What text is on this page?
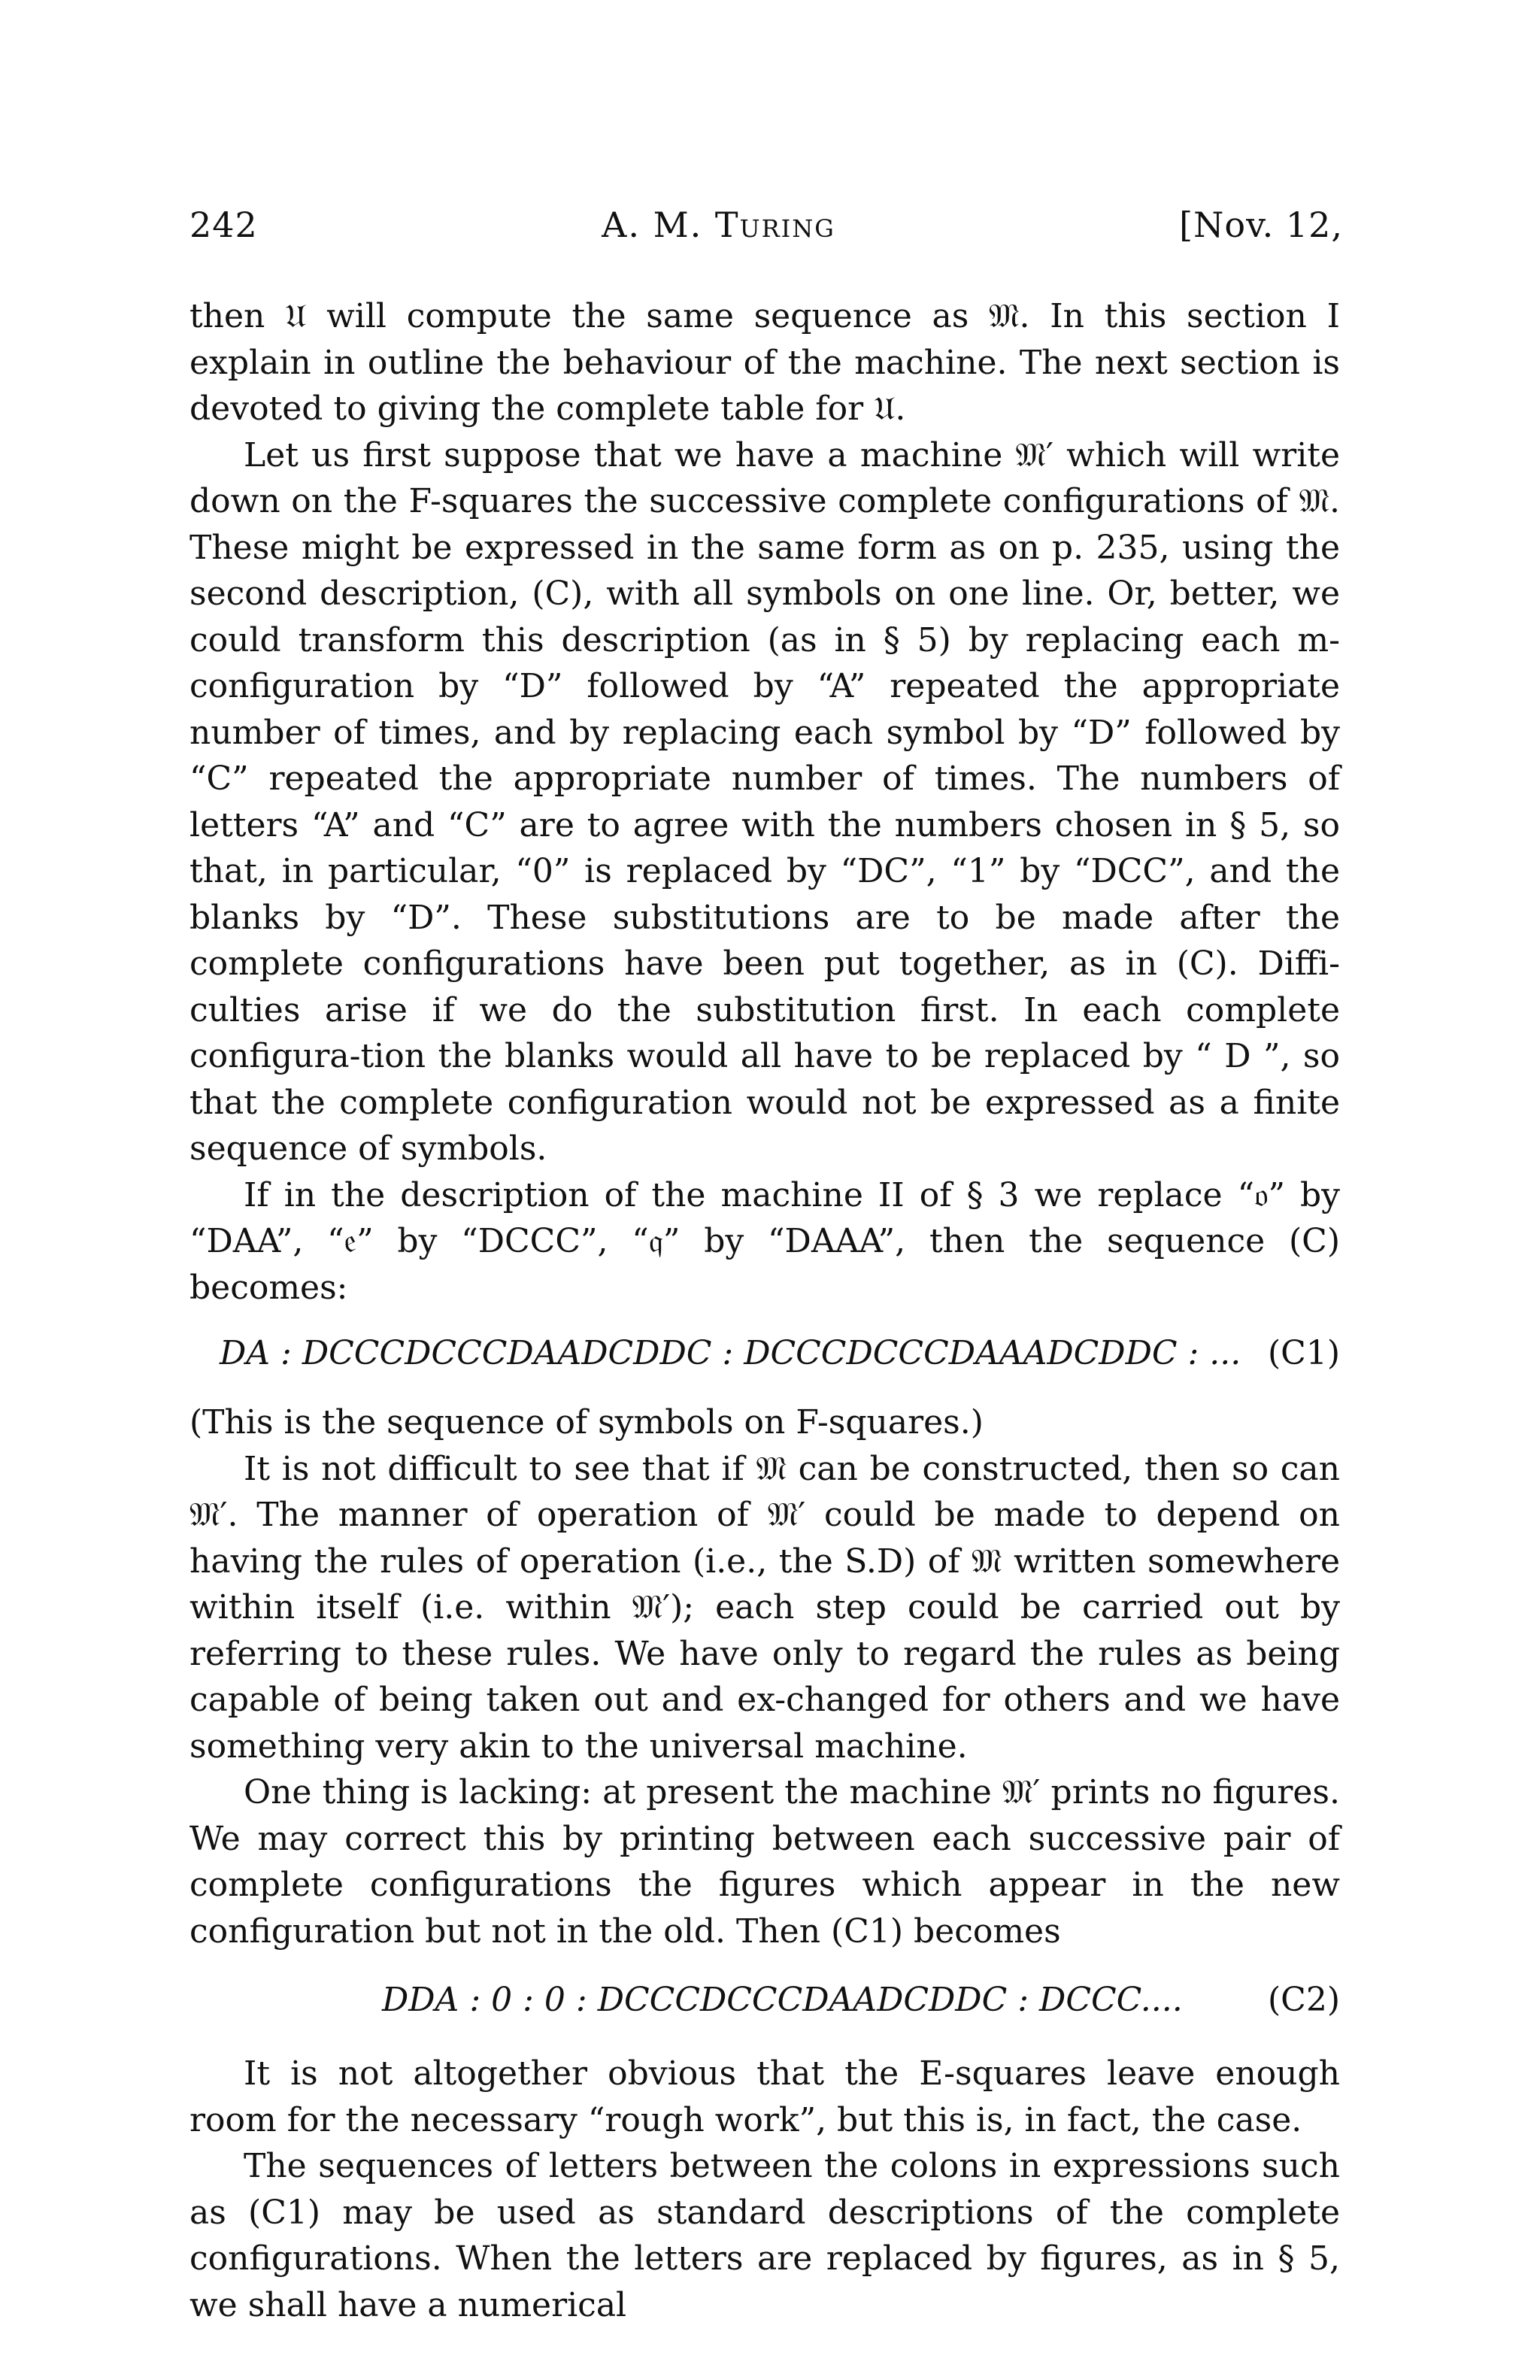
242	A. M. Turing	[Nov. 12,

then 𝔘 will compute the same sequence as 𝔐. In this section I explain in outline the behaviour of the machine. The next section is devoted to giving the complete table for 𝔘.

Let us first suppose that we have a machine 𝔐′ which will write down on the F-squares the successive complete configurations of 𝔐. These might be expressed in the same form as on p. 235, using the second description, (C), with all symbols on one line. Or, better, we could transform this description (as in § 5) by replacing each m-configuration by “D” followed by “A” repeated the appropriate number of times, and by replacing each symbol by “D” followed by “C” repeated the appropriate number of times. The numbers of letters “A” and “C” are to agree with the numbers chosen in § 5, so that, in particular, “0” is replaced by “DC”, “1” by “DCC”, and the blanks by “D”. These substitutions are to be made after the complete configurations have been put together, as in (C). Diffi-culties arise if we do the substitution first. In each complete configura-tion the blanks would all have to be replaced by “ D ”, so that the complete configuration would not be expressed as a finite sequence of symbols.

If in the description of the machine II of § 3 we replace “𝔬” by “DAA”, “𝔢” by “DCCC”, “𝔮” by “DAAA”, then the sequence (C) becomes:

DA : DCCCDCCCDAADCDDC : DCCCDCCCDAAADCDDC : ... (C1)

(This is the sequence of symbols on F-squares.)

It is not difficult to see that if 𝔐 can be constructed, then so can 𝔐′. The manner of operation of 𝔐′ could be made to depend on having the rules of operation (i.e., the S.D) of 𝔐 written somewhere within itself (i.e. within 𝔐′); each step could be carried out by referring to these rules. We have only to regard the rules as being capable of being taken out and ex-changed for others and we have something very akin to the universal machine.

One thing is lacking: at present the machine 𝔐′ prints no figures. We may correct this by printing between each successive pair of complete configurations the figures which appear in the new configuration but not in the old. Then (C1) becomes

DDA : 0 : 0 : DCCCDCCCDAADCDDC : DCCC....	(C2)

It is not altogether obvious that the E-squares leave enough room for the necessary “rough work”, but this is, in fact, the case.

The sequences of letters between the colons in expressions such as (C1) may be used as standard descriptions of the complete configurations. When the letters are replaced by figures, as in § 5, we shall have a numerical
